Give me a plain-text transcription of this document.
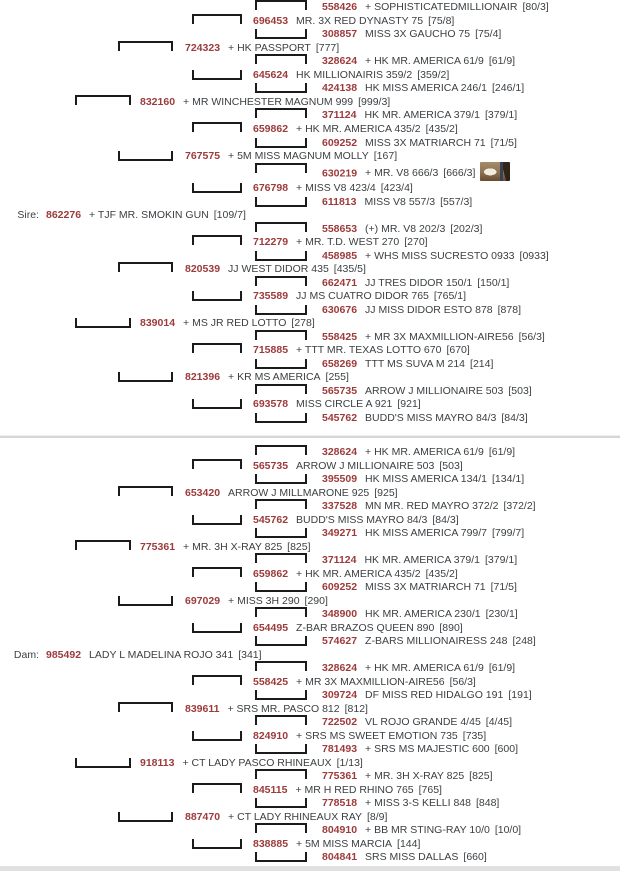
558426 + SOPHISTICATEDMILLIONAIR [80/3]
696453 MR. 3X RED DYNASTY 75 [75/8]
308857 MISS 3X GAUCHO 75 [75/4]
724323 + HK PASSPORT [777]
328624 + HK MR. AMERICA 61/9 [61/9]
645624 HK MILLIONAIRIS 359/2 [359/2]
424138 HK MISS AMERICA 246/1 [246/1]
832160 + MR WINCHESTER MAGNUM 999 [999/3]
371124 HK MR. AMERICA 379/1 [379/1]
659862 + HK MR. AMERICA 435/2 [435/2]
609252 MISS 3X MATRIARCH 71 [71/5]
767575 + 5M MISS MAGNUM MOLLY [167]
630219 + MR. V8 666/3 [666/3]
676798 + MISS V8 423/4 [423/4]
611813 MISS V8 557/3 [557/3]
Sire: 862276 + TJF MR. SMOKIN GUN [109/7]
558653 (+) MR. V8 202/3 [202/3]
712279 + MR. T.D. WEST 270 [270]
458985 + WHS MISS SUCRESTO 0933 [0933]
820539 JJ WEST DIDOR 435 [435/5]
662471 JJ TRES DIDOR 150/1 [150/1]
735589 JJ MS CUATRO DIDOR 765 [765/1]
630676 JJ MISS DIDOR ESTO 878 [878]
839014 + MS JR RED LOTTO [278]
558425 + MR 3X MAXMILLION-AIRE56 [56/3]
715885 + TTT MR. TEXAS LOTTO 670 [670]
658269 TTT MS SUVA M 214 [214]
821396 + KR MS AMERICA [255]
565735 ARROW J MILLIONAIRE 503 [503]
693578 MISS CIRCLE A 921 [921]
545762 BUDD'S MISS MAYRO 84/3 [84/3]
328624 + HK MR. AMERICA 61/9 [61/9]
565735 ARROW J MILLIONAIRE 503 [503]
395509 HK MISS AMERICA 134/1 [134/1]
653420 ARROW J MILLMARONE 925 [925]
337528 MN MR. RED MAYRO 372/2 [372/2]
545762 BUDD'S MISS MAYRO 84/3 [84/3]
349271 HK MISS AMERICA 799/7 [799/7]
775361 + MR. 3H X-RAY 825 [825]
371124 HK MR. AMERICA 379/1 [379/1]
659862 + HK MR. AMERICA 435/2 [435/2]
609252 MISS 3X MATRIARCH 71 [71/5]
697029 + MISS 3H 290 [290]
348900 HK MR. AMERICA 230/1 [230/1]
654495 Z-BAR BRAZOS QUEEN 890 [890]
574627 Z-BARS MILLIONAIRESS 248 [248]
Dam: 985492 LADY L MADELINA ROJO 341 [341]
328624 + HK MR. AMERICA 61/9 [61/9]
558425 + MR 3X MAXMILLION-AIRE56 [56/3]
309724 DF MISS RED HIDALGO 191 [191]
839611 + SRS MR. PASCO 812 [812]
722502 VL ROJO GRANDE 4/45 [4/45]
824910 + SRS MS SWEET EMOTION 735 [735]
781493 + SRS MS MAJESTIC 600 [600]
918113 + CT LADY PASCO RHINEAUX [1/13]
775361 + MR. 3H X-RAY 825 [825]
845115 + MR H RED RHINO 765 [765]
778518 + MISS 3-S KELLI 848 [848]
887470 + CT LADY RHINEAUX RAY [8/9]
804910 + BB MR STING-RAY 10/0 [10/0]
838885 + 5M MISS MARCIA [144]
804841 SRS MISS DALLAS [660]
